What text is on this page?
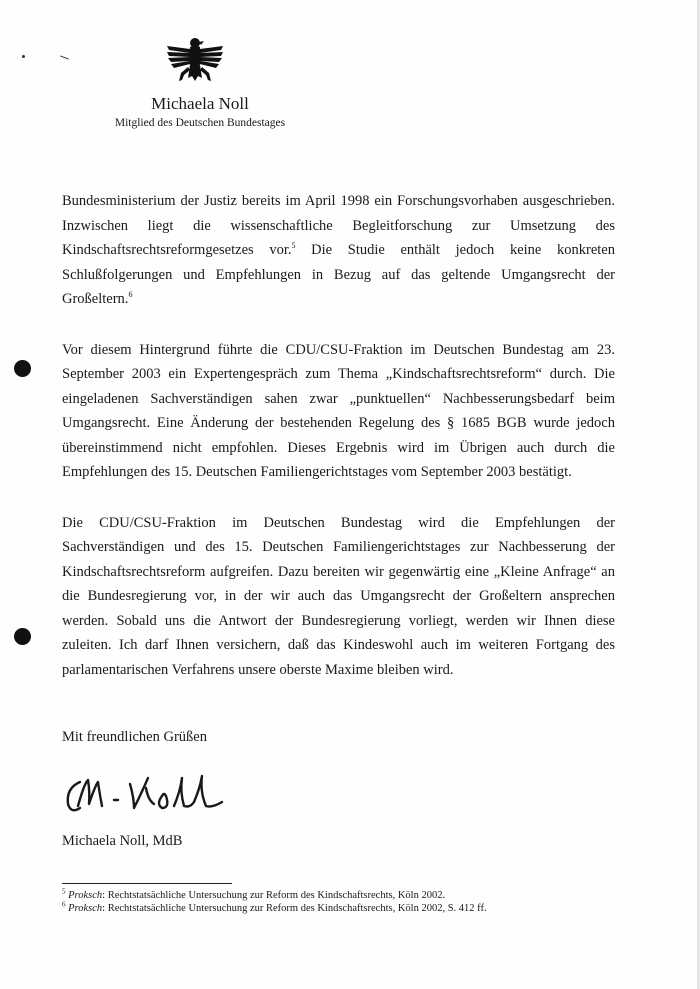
Michaela Noll
Mitglied des Deutschen Bundestages

Bundesministerium der Justiz bereits im April 1998 ein Forschungsvorhaben ausgeschrieben. Inzwischen liegt die wissenschaftliche Begleitforschung zur Umsetzung des Kindschaftsrechtsreformgesetzes vor.$^5$ Die Studie enthält jedoch keine konkreten Schlußfolgerungen und Empfehlungen in Bezug auf das geltende Umgangsrecht der Großeltern.$^6$

Vor diesem Hintergrund führte die CDU/CSU-Fraktion im Deutschen Bundestag am 23. September 2003 ein Expertengespräch zum Thema „Kindschaftsrechtsreform“ durch. Die eingeladenen Sachverständigen sahen zwar „punktuellen“ Nachbesserungsbedarf beim Umgangsrecht. Eine Änderung der bestehenden Regelung des § 1685 BGB wurde jedoch übereinstimmend nicht empfohlen. Dieses Ergebnis wird im Übrigen auch durch die Empfehlungen des 15. Deutschen Familiengerichtstages vom September 2003 bestätigt.

Die CDU/CSU-Fraktion im Deutschen Bundestag wird die Empfehlungen der Sachverständigen und des 15. Deutschen Familiengerichtstages zur Nachbesserung der Kindschaftsrechtsreform aufgreifen. Dazu bereiten wir gegenwärtig eine „Kleine Anfrage“ an die Bundesregierung vor, in der wir auch das Umgangsrecht der Großeltern ansprechen werden. Sobald uns die Antwort der Bundesregierung vorliegt, werden wir Ihnen diese zuleiten. Ich darf Ihnen versichern, daß das Kindeswohl auch im weiteren Fortgang des parlamentarischen Verfahrens unsere oberste Maxime bleiben wird.

Mit freundlichen Grüßen
Michaela Noll, MdB
$^5$ Proksch: Rechtstatsächliche Untersuchung zur Reform des Kindschaftsrechts, Köln 2002.
$^6$ Proksch: Rechtstatsächliche Untersuchung zur Reform des Kindschaftsrechts, Köln 2002, S. 412 ff.
